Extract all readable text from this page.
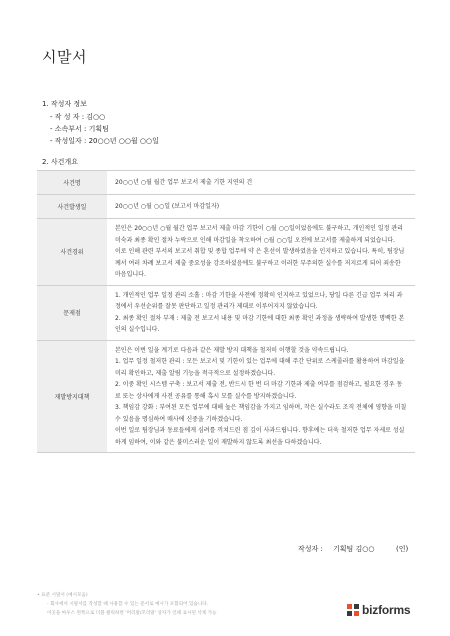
시말서
1. 작성자 정보
- 작 성 자 : 김○○
- 소속부서 : 기획팀
- 작성일자 : 20○○년 ○○월 ○○일
2. 사건개요
사건명	20○○년 ○월 월간 업무 보고서 제출 기한 지연의 건

사건발생일	20○○년 ○월 ○○일 (보고서 마감일자)

사건경위	본인은 20○○년 ○월 월간 업무 보고서 제출 마감 기한이 ○월 ○○일이었음에도 불구하고, 개인적인 일정 관리 미숙과 최종 확인 절차 누락으로 인해 마감일을 착오하여 ○월 ○○일 오전에 보고서를 제출하게 되었습니다.

이로 인해 관련 부서의 보고서 취합 및 종합 업무에 약 은 혼선이 발생하였음을 인지하고 있습니다. 특히, 팀장님께서 여러 차례 보고서 제출 중요성을 강조하셨음에도 불구하고 이러한 부주의한 실수를 저지르게 되어 죄송한 마음입니다.

문제점	1. 개인적인 업무 일정 관리 소홀 : 마감 기한을 사전에 정확히 인지하고 있었으나, 당일 다른 긴급 업무 처리 과정에서 우선순위를 잘못 판단하고 일정 관리가 제대로 이루어지지 않았습니다.

2. 최종 확인 절차 부재 : 제출 전 보고서 내용 및 마감 기한에 대한 최종 확인 과정을 생략하여 발생한 명백한 본인의 실수입니다.

재발방지대책	본인은 이번 일을 계기로 다음과 같은 재발 방지 대책을 철저히 이행할 것을 약속드립니다.

1. 업무 일정 철저한 관리 : 모든 보고서 및 기한이 있는 업무에 대해 주간 단위로 스케줄러를 활용하여 마감일을 미리 확인하고, 제출 알림 기능을 적극적으로 설정하겠습니다.

2. 이중 확인 시스템 구축 : 보고서 제출 전, 반드시 한 번 더 마감 기한과 제출 여부를 점검하고, 필요한 경우 동료 또는 상사에게 사전 공유를 통해 혹시 모를 실수를 방지하겠습니다.

3. 책임감 강화 : 부여된 모든 업무에 대해 높은 책임감을 가지고 임하며, 작은 실수라도 조직 전체에 영향을 미칠 수 있음을 명심하여 매사에 신중을 기하겠습니다.

이번 일로 팀장님과 동료들에게 심려를 끼쳐드린 점 깊이 사과드립니다. 향후에는 더욱 철저한 업무 자세로 성실하게 임하여, 이와 같은 불미스러운 일이 재발하지 않도록 최선을 다하겠습니다.

작성자 : 기획팀 김○○	(인)
• 표준 시말서 (예시모음)
- 회사에서 시말서를 작성할 때 사용할 수 있는 문서로 예시가 포함되어 있습니다.
이곳을 마우스 왼쪽으로 더블 클릭하면 '머리말/꼬리말' 상자가 인쇄 표시된 삭제 가능	bizforms
